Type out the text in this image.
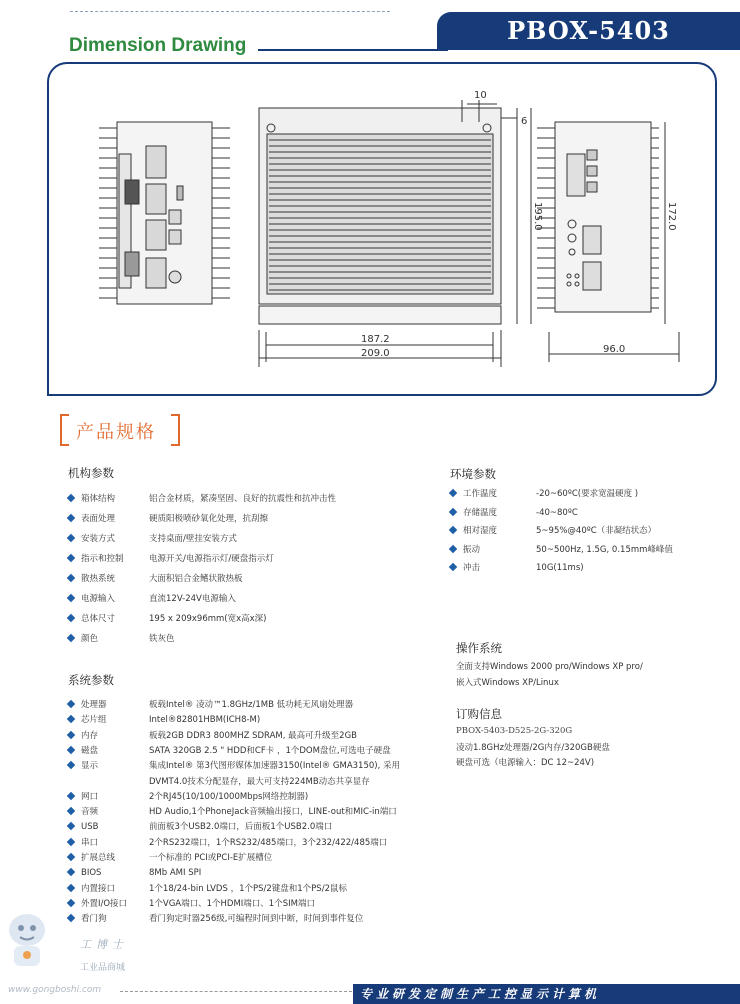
PBOX-5403
Dimension Drawing
10
6
195.0
187.2
209.0
172.0
96.0
产品规格
机构参数
箱体结构	铝合金材质，紧凑坚固、良好的抗震性和抗冲击性
表面处理	硬质阳极喷砂氧化处理，抗刮擦
安装方式	支持桌面/壁挂安装方式
指示和控制	电源开关/电源指示灯/硬盘指示灯
散热系统	大面积铝合金鳍状散热板
电源输入	直流12V-24V电源输入
总体尺寸	195 x 209x96mm(宽x高x深)
颜色	铁灰色
环境参数
工作温度	-20~60ºC(要求宽温硬度 )
存储温度	-40~80ºC
相对湿度	5~95%@40ºC（非凝结状态）
振动	50~500Hz, 1.5G, 0.15mm峰峰值
冲击	10G(11ms)
操作系统
全面支持Windows 2000 pro/Windows XP pro/
嵌入式Windows XP/Linux
订购信息
PBOX-5403-D525-2G-320G
凌动1.8GHz处理器/2G内存/320GB硬盘
硬盘可选（电源输入：DC 12~24V)
系统参数
处理器	板载Intel® 凌动™1.8GHz/1MB 低功耗无风扇处理器
芯片组	Intel®82801HBM(ICH8-M)
内存	板载2GB DDR3 800MHZ SDRAM, 最高可升级至2GB
磁盘	SATA 320GB 2.5 " HDD和CF卡 ，1个DOM盘位,可选电子硬盘
显示	集成Intel® 第3代图形媒体加速器3150(Intel® GMA3150), 采用
DVMT4.0技术分配显存，最大可支持224MB动态共享显存
网口	2个RJ45(10/100/1000Mbps网络控制器)
音频	HD Audio,1个PhoneJack音频输出接口，LINE-out和MIC-in端口
USB	前面板3个USB2.0端口，后面板1个USB2.0端口
串口	2个RS232端口，1个RS232/485端口，3个232/422/485端口
扩展总线	一个标准的 PCI或PCI-E扩展槽位
BIOS	8Mb AMI SPI
内置接口	1个18/24-bin LVDS ，1个PS/2键盘和1个PS/2鼠标
外置I/O接口	1个VGA端口、1个HDMI端口、1个SIM端口
看门狗	看门狗定时器256级,可编程时间到中断，时间到事件复位
专业研发定制生产工控显示计算机
工博士
工业品商城
www.gongboshi.com
